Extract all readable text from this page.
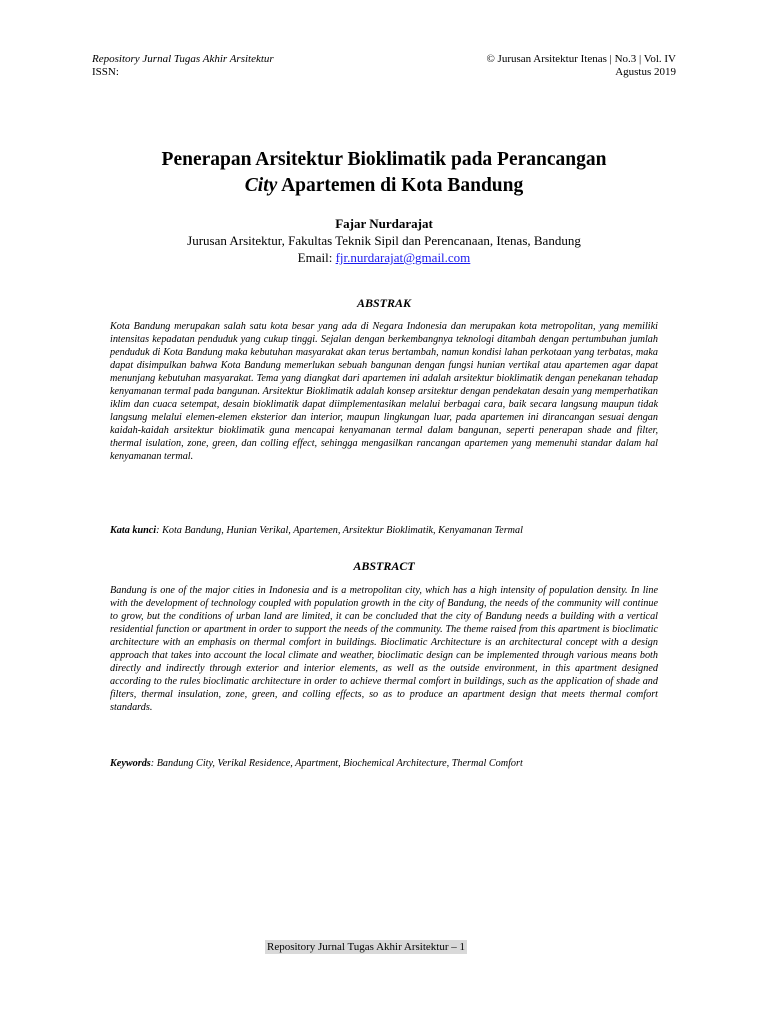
Repository Jurnal Tugas Akhir Arsitektur
ISSN:
© Jurusan Arsitektur Itenas | No.3 | Vol. IV
Agustus 2019
Penerapan Arsitektur Bioklimatik pada Perancangan
City Apartemen di Kota Bandung
Fajar Nurdarajat
Jurusan Arsitektur, Fakultas Teknik Sipil dan Perencanaan, Itenas, Bandung
Email: fjr.nurdarajat@gmail.com
ABSTRAK
Kota Bandung merupakan salah satu kota besar yang ada di Negara Indonesia dan merupakan kota metropolitan, yang memiliki intensitas kepadatan penduduk yang cukup tinggi. Sejalan dengan berkembangnya teknologi ditambah dengan pertumbuhan jumlah penduduk di Kota Bandung maka kebutuhan masyarakat akan terus bertambah, namun kondisi lahan perkotaan yang terbatas, maka dapat disimpulkan bahwa Kota Bandung memerlukan sebuah bangunan dengan fungsi hunian vertikal atau apartemen agar dapat menunjang kebutuhan masyarakat. Tema yang diangkat dari apartemen ini adalah arsitektur bioklimatik dengan penekanan tehadap kenyamanan termal pada bangunan. Arsitektur Bioklimatik adalah konsep arsitektur dengan pendekatan desain yang memperhatikan iklim dan cuaca setempat, desain bioklimatik dapat diimplementasikan melalui berbagai cara, baik secara langsung maupun tidak langsung melalui elemen-elemen eksterior dan interior, maupun lingkungan luar, pada apartemen ini dirancangan sesuai dengan kaidah-kaidah arsitektur bioklimatik guna mencapai kenyamanan termal dalam bangunan, seperti penerapan shade and filter, thermal isulation, zone, green, dan colling effect, sehingga mengasilkan rancangan apartemen yang memenuhi standar dalam hal kenyamanan termal.
Kata kunci: Kota Bandung, Hunian Verikal, Apartemen, Arsitektur Bioklimatik, Kenyamanan Termal
ABSTRACT
Bandung is one of the major cities in Indonesia and is a metropolitan city, which has a high intensity of population density. In line with the development of technology coupled with population growth in the city of Bandung, the needs of the community will continue to grow, but the conditions of urban land are limited, it can be concluded that the city of Bandung needs a building with a vertical residential function or apartment in order to support the needs of the community. The theme raised from this apartment is bioclimatic architecture with an emphasis on thermal comfort in buildings. Bioclimatic Architecture is an architectural concept with a design approach that takes into account the local climate and weather, bioclimatic design can be implemented through various means both directly and indirectly through exterior and interior elements, as well as the outside environment, in this apartment designed according to the rules bioclimatic architecture in order to achieve thermal comfort in buildings, such as the application of shade and filters, thermal insulation, zone, green, and colling effects, so as to produce an apartment design that meets thermal comfort standards.
Keywords: Bandung City, Verikal Residence, Apartment, Biochemical Architecture, Thermal Comfort
Repository Jurnal Tugas Akhir Arsitektur – 1
